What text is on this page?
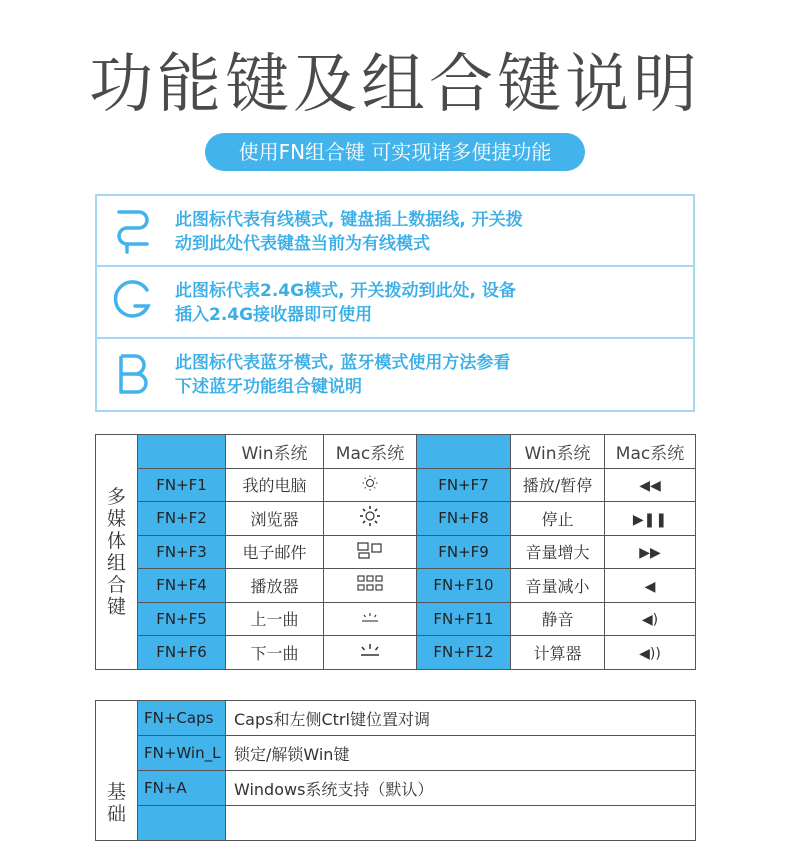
功能键及组合键说明
使用FN组合键 可实现诸多便捷功能
此图标代表有线模式, 键盘插上数据线, 开关拨
动到此处代表键盘当前为有线模式
此图标代表2.4G模式, 开关拨动到此处, 设备
插入2.4G接收器即可使用
此图标代表蓝牙模式, 蓝牙模式使用方法参看
下述蓝牙功能组合键说明
多媒体组合键		Win系统	Mac系统		Win系统	Mac系统
	FN+F1	我的电脑		FN+F7	播放/暂停	◀◀
	FN+F2	浏览器		FN+F8	停止	▶❚❚
	FN+F3	电子邮件		FN+F9	音量增大	▶▶
	FN+F4	播放器		FN+F10	音量减小	◀
	FN+F5	上一曲		FN+F11	静音	◀)
	FN+F6	下一曲		FN+F12	计算器	◀))
基础	FN+Caps	Caps和左侧Ctrl键位置对调
	FN+Win_L	锁定/解锁Win键
	FN+A	Windows系统支持（默认）
